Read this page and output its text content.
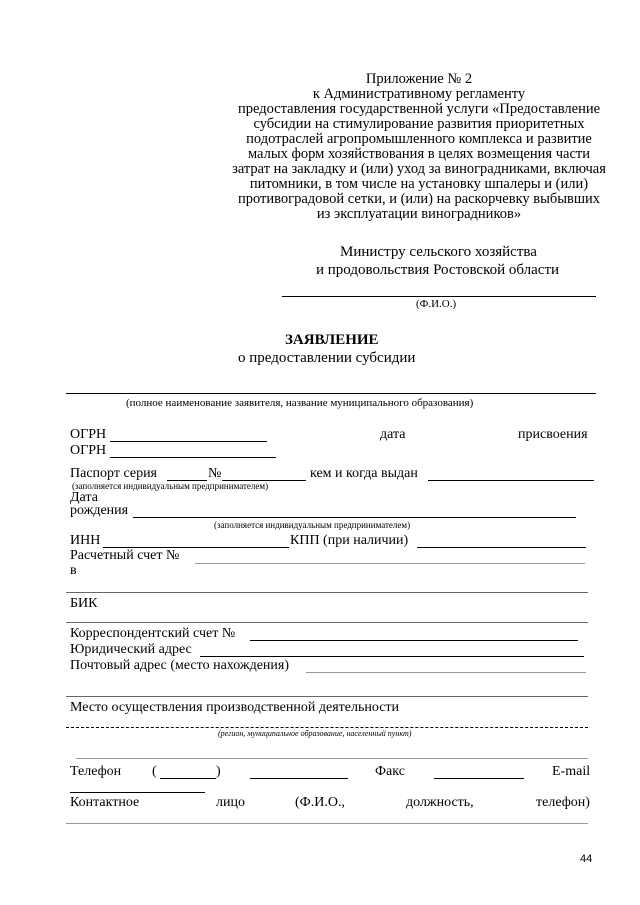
Приложение № 2

к Административному регламенту

предоставления государственной услуги «Предоставление

субсидии на стимулирование развития приоритетных

подотраслей агропромышленного комплекса и развитие

малых форм хозяйствования в целях возмещения части

затрат на закладку и (или) уход за виноградниками, включая

питомники, в том числе на установку шпалеры и (или)

противоградовой сетки, и (или) на раскорчевку выбывших

из эксплуатации виноградников»

Министру сельского хозяйства
и продовольствия Ростовской области
(Ф.И.О.)
ЗАЯВЛЕНИЕ
о предоставлении субсидии
(полное наименование заявителя, название муниципального образования)
ОГРН	дата	присвоения
ОГРН
Паспорт серия	№	кем и когда выдан
(заполняется индивидуальным предпринимателем)
Дата
рождения
(заполняется индивидуальным предпринимателем)
ИНН	КПП (при наличии)
Расчетный счет №
в
БИК
Корреспондентский счет №
Юридический адрес
Почтовый адрес (место нахождения)
Место осуществления производственной деятельности
(регион, муниципальное образование, населенный пункт)
Телефон (	)	Факс	E-mail
Контактное	лицо	(Ф.И.О.,	должность,	телефон)
44
